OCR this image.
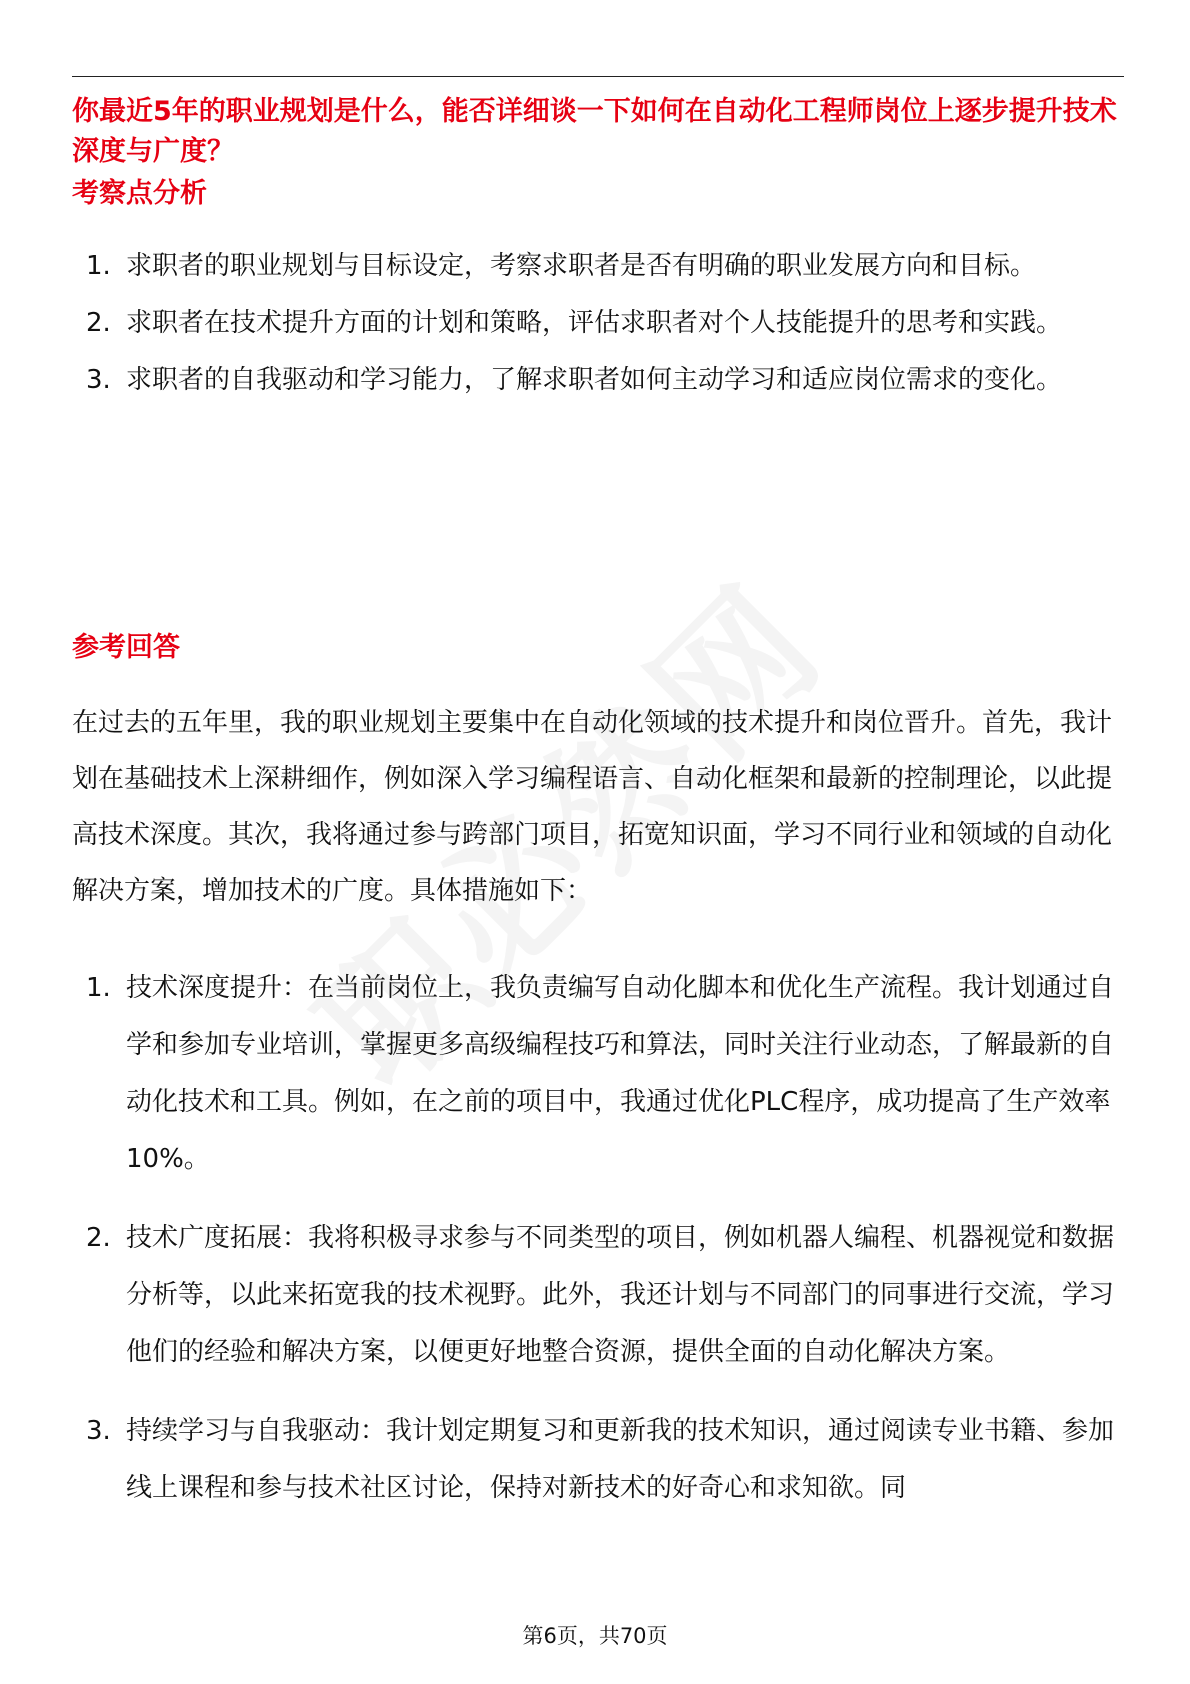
你最近5年的职业规划是什么，能否详细谈一下如何在自动化工程师岗位上逐步提升技术深度与广度？
考察点分析
1. 求职者的职业规划与目标设定，考察求职者是否有明确的职业发展方向和目标。
2. 求职者在技术提升方面的计划和策略，评估求职者对个人技能提升的思考和实践。
3. 求职者的自我驱动和学习能力，了解求职者如何主动学习和适应岗位需求的变化。
参考回答

在过去的五年里，我的职业规划主要集中在自动化领域的技术提升和岗位晋升。首先，我计划在基础技术上深耕细作，例如深入学习编程语言、自动化框架和最新的控制理论，以此提高技术深度。其次，我将通过参与跨部门项目，拓宽知识面，学习不同行业和领域的自动化解决方案，增加技术的广度。具体措施如下：

1. 技术深度提升：在当前岗位上，我负责编写自动化脚本和优化生产流程。我计划通过自学和参加专业培训，掌握更多高级编程技巧和算法，同时关注行业动态，了解最新的自动化技术和工具。例如，在之前的项目中，我通过优化PLC程序，成功提高了生产效率10%。
2. 技术广度拓展：我将积极寻求参与不同类型的项目，例如机器人编程、机器视觉和数据分析等，以此来拓宽我的技术视野。此外，我还计划与不同部门的同事进行交流，学习他们的经验和解决方案，以便更好地整合资源，提供全面的自动化解决方案。
3. 持续学习与自我驱动：我计划定期复习和更新我的技术知识，通过阅读专业书籍、参加线上课程和参与技术社区讨论，保持对新技术的好奇心和求知欲。同
第6页，共70页
